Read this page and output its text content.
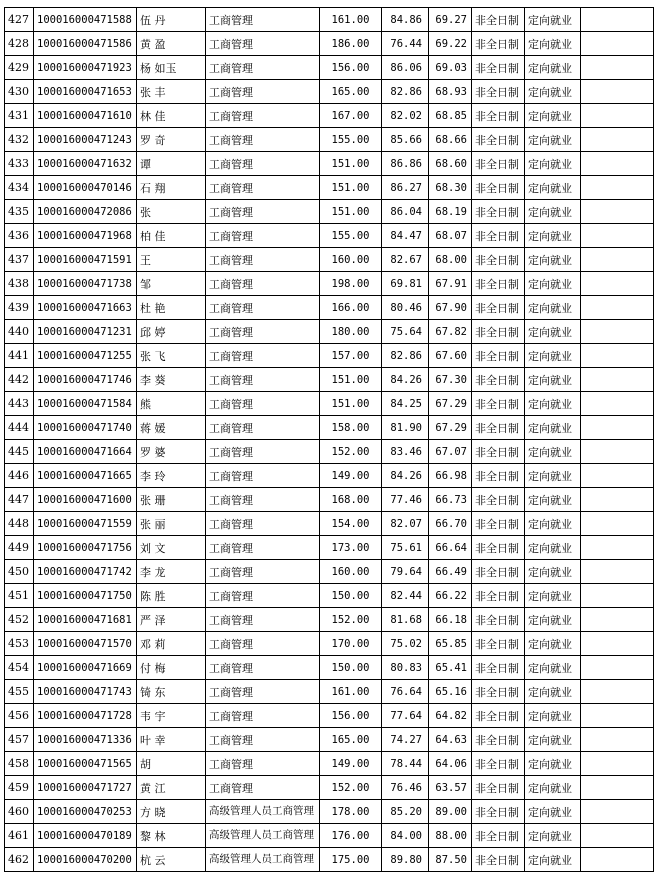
427	100016000471588	伍 丹	工商管理	161.00	84.86	69.27	非全日制	定向就业	
428	100016000471586	黄 盈	工商管理	186.00	76.44	69.22	非全日制	定向就业	
429	100016000471923	杨 如玉	工商管理	156.00	86.06	69.03	非全日制	定向就业	
430	100016000471653	张 丰	工商管理	165.00	82.86	68.93	非全日制	定向就业	
431	100016000471610	林 佳	工商管理	167.00	82.02	68.85	非全日制	定向就业	
432	100016000471243	罗 奇	工商管理	155.00	85.66	68.66	非全日制	定向就业	
433	100016000471632	谭	工商管理	151.00	86.86	68.60	非全日制	定向就业	
434	100016000470146	石 翔	工商管理	151.00	86.27	68.30	非全日制	定向就业	
435	100016000472086	张	工商管理	151.00	86.04	68.19	非全日制	定向就业	
436	100016000471968	柏 佳	工商管理	155.00	84.47	68.07	非全日制	定向就业	
437	100016000471591	王	工商管理	160.00	82.67	68.00	非全日制	定向就业	
438	100016000471738	邹	工商管理	198.00	69.81	67.91	非全日制	定向就业	
439	100016000471663	杜 艳	工商管理	166.00	80.46	67.90	非全日制	定向就业	
440	100016000471231	邱 婷	工商管理	180.00	75.64	67.82	非全日制	定向就业	
441	100016000471255	张 飞	工商管理	157.00	82.86	67.60	非全日制	定向就业	
442	100016000471746	李 葵	工商管理	151.00	84.26	67.30	非全日制	定向就业	
443	100016000471584	熊	工商管理	151.00	84.25	67.29	非全日制	定向就业	
444	100016000471740	蒋 媛	工商管理	158.00	81.90	67.29	非全日制	定向就业	
445	100016000471664	罗 婆	工商管理	152.00	83.46	67.07	非全日制	定向就业	
446	100016000471665	李 玲	工商管理	149.00	84.26	66.98	非全日制	定向就业	
447	100016000471600	张 珊	工商管理	168.00	77.46	66.73	非全日制	定向就业	
448	100016000471559	张 丽	工商管理	154.00	82.07	66.70	非全日制	定向就业	
449	100016000471756	刘 文	工商管理	173.00	75.61	66.64	非全日制	定向就业	
450	100016000471742	李 龙	工商管理	160.00	79.64	66.49	非全日制	定向就业	
451	100016000471750	陈 胜	工商管理	150.00	82.44	66.22	非全日制	定向就业	
452	100016000471681	严 泽	工商管理	152.00	81.68	66.18	非全日制	定向就业	
453	100016000471570	邓 莉	工商管理	170.00	75.02	65.85	非全日制	定向就业	
454	100016000471669	付 梅	工商管理	150.00	80.83	65.41	非全日制	定向就业	
455	100016000471743	锜 东	工商管理	161.00	76.64	65.16	非全日制	定向就业	
456	100016000471728	韦 宇	工商管理	156.00	77.64	64.82	非全日制	定向就业	
457	100016000471336	叶 幸	工商管理	165.00	74.27	64.63	非全日制	定向就业	
458	100016000471565	胡	工商管理	149.00	78.44	64.06	非全日制	定向就业	
459	100016000471727	黄 江	工商管理	152.00	76.46	63.57	非全日制	定向就业	
460	100016000470253	方 晓	高级管理人员工商管理	178.00	85.20	89.00	非全日制	定向就业	
461	100016000470189	黎 林	高级管理人员工商管理	176.00	84.00	88.00	非全日制	定向就业	
462	100016000470200	杭 云	高级管理人员工商管理	175.00	89.80	87.50	非全日制	定向就业	
